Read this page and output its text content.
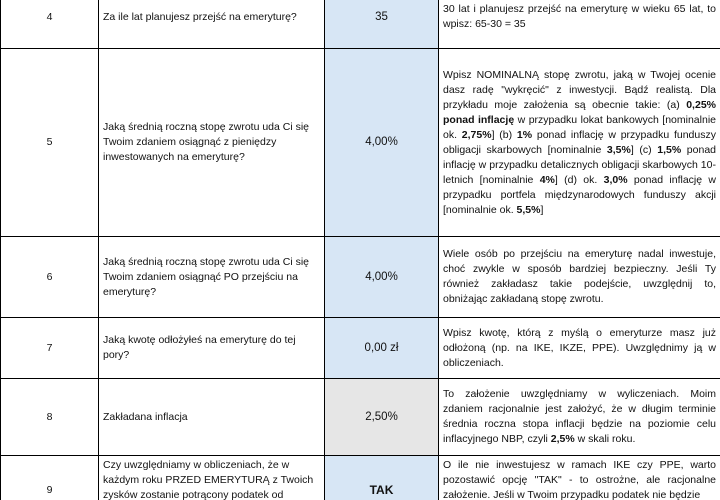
4	Za ile lat planujesz przejść na emeryturę?	35	30 lat i planujesz przejść na emeryturę w wieku 65 lat, to wpisz: 65-30 = 35
5	Jaką średnią roczną stopę zwrotu uda Ci się Twoim zdaniem osiągnąć z pieniędzy inwestowanych na emeryturę?	4,00%	Wpisz NOMINALNĄ stopę zwrotu, jaką w Twojej ocenie dasz radę "wykręcić" z inwestycji. Bądź realistą. Dla przykładu moje założenia są obecnie takie: (a) 0,25% ponad inflację w przypadku lokat bankowych [nominalnie ok. 2,75%] (b) 1% ponad inflację w przypadku funduszy obligacji skarbowych [nominalnie 3,5%] (c) 1,5% ponad inflację w przypadku detalicznych obligacji skarbowych 10-letnich [nominalnie 4%] (d) ok. 3,0% ponad inflację w przypadku portfela międzynarodowych funduszy akcji [nominalnie ok. 5,5%]
6	Jaką średnią roczną stopę zwrotu uda Ci się Twoim zdaniem osiągnąć PO przejściu na emeryturę?	4,00%	Wiele osób po przejściu na emeryturę nadal inwestuje, choć zwykle w sposób bardziej bezpieczny. Jeśli Ty również zakładasz takie podejście, uwzględnij to, obniżając zakładaną stopę zwrotu.
7	Jaką kwotę odłożyłeś na emeryturę do tej pory?	0,00 zł	Wpisz kwotę, którą z myślą o emeryturze masz już odłożoną (np. na IKE, IKZE, PPE). Uwzględnimy ją w obliczeniach.
8	Zakładana inflacja	2,50%	To założenie uwzględniamy w wyliczeniach. Moim zdaniem racjonalnie jest założyć, że w długim terminie średnia roczna stopa inflacji będzie na poziomie celu inflacyjnego NBP, czyli 2,5% w skali roku.
9	Czy uwzględniamy w obliczeniach, że w każdym roku PRZED EMERYTURĄ z Twoich zysków zostanie potrącony podatek od	TAK	O ile nie inwestujesz w ramach IKE czy PPE, warto pozostawić opcję "TAK" - to ostrożne, ale racjonalne założenie. Jeśli w Twoim przypadku podatek nie będzie
